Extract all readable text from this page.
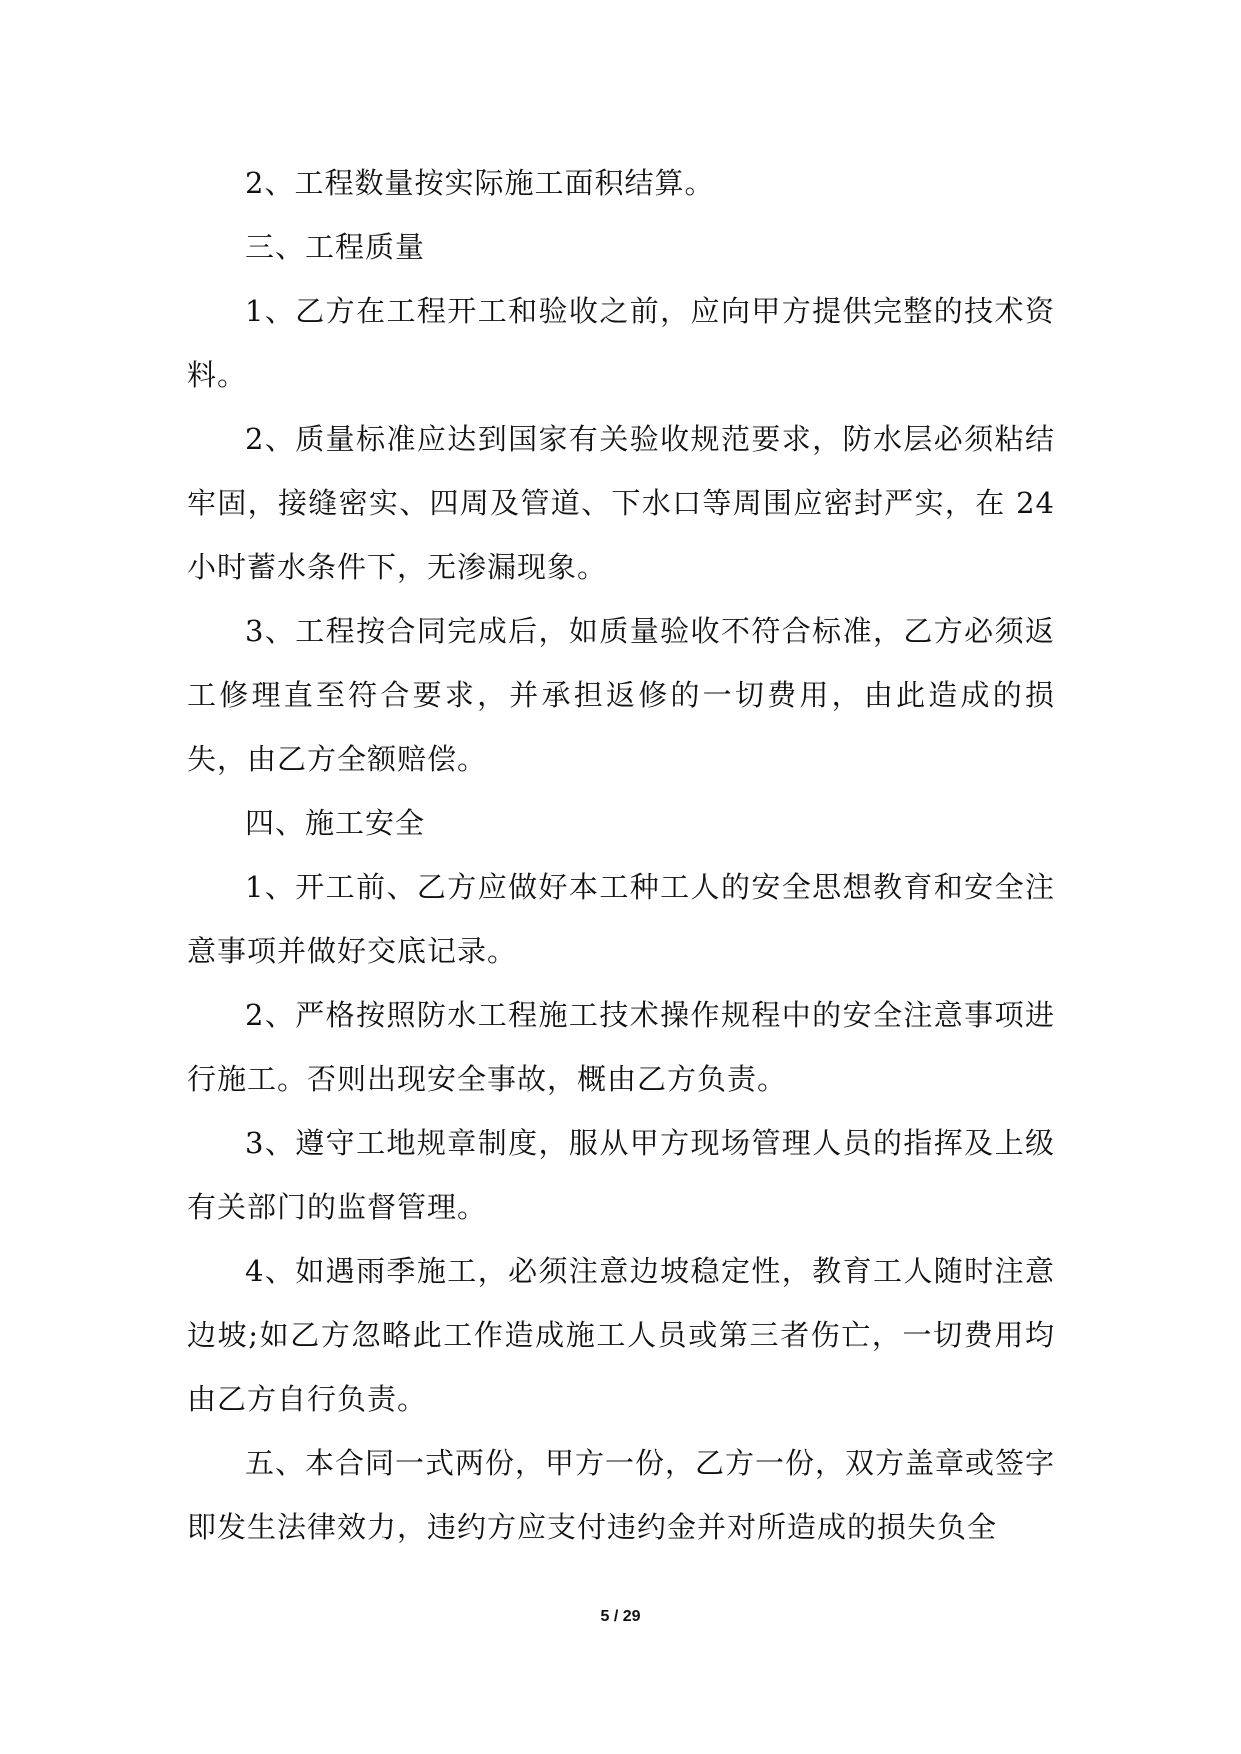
2、工程数量按实际施工面积结算。

三、工程质量

1、乙方在工程开工和验收之前，应向甲方提供完整的技术资料。

2、质量标准应达到国家有关验收规范要求，防水层必须粘结牢固，接缝密实、四周及管道、下水口等周围应密封严实，在 24 小时蓄水条件下，无渗漏现象。

3、工程按合同完成后，如质量验收不符合标准，乙方必须返工修理直至符合要求，并承担返修的一切费用，由此造成的损失，由乙方全额赔偿。

四、施工安全

1、开工前、乙方应做好本工种工人的安全思想教育和安全注意事项并做好交底记录。

2、严格按照防水工程施工技术操作规程中的安全注意事项进行施工。否则出现安全事故，概由乙方负责。

3、遵守工地规章制度，服从甲方现场管理人员的指挥及上级有关部门的监督管理。

4、如遇雨季施工，必须注意边坡稳定性，教育工人随时注意边坡;如乙方忽略此工作造成施工人员或第三者伤亡，一切费用均由乙方自行负责。

五、本合同一式两份，甲方一份，乙方一份，双方盖章或签字即发生法律效力，违约方应支付违约金并对所造成的损失负全

5 / 29
